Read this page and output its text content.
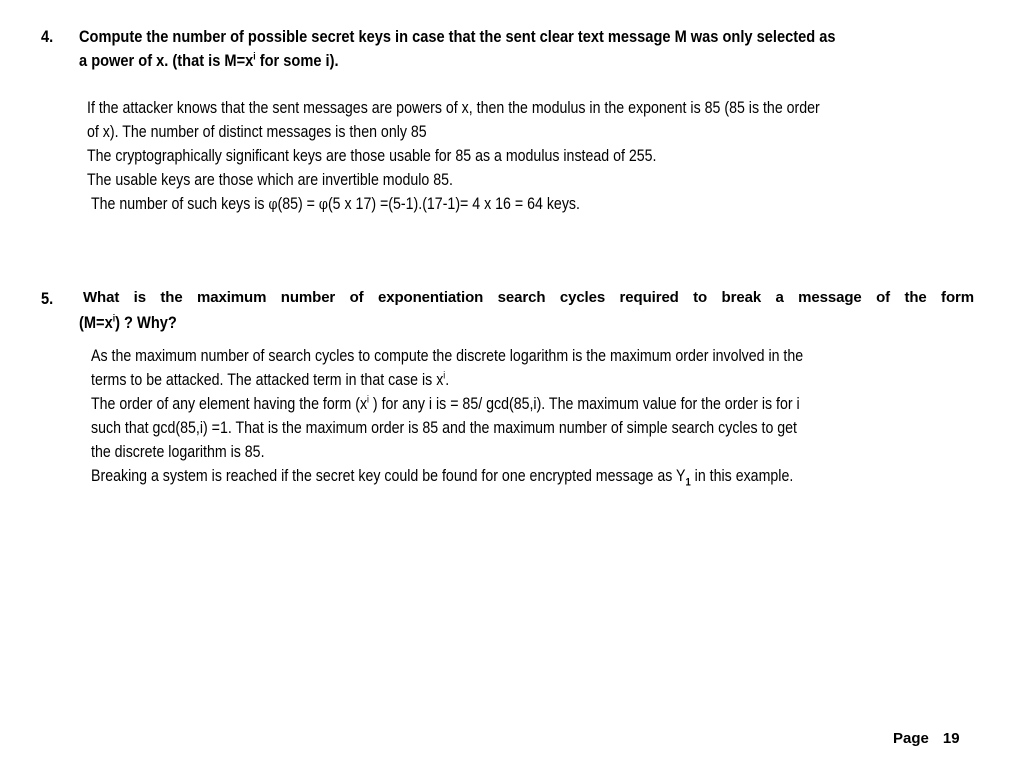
4. Compute the number of possible secret keys in case that the sent clear text message M was only selected as
a power of x. (that is $M=x^i$ for some i).
If the attacker knows that the sent messages are powers of x, then the modulus in the exponent is 85 (85 is the order
of x). The number of distinct messages is then only 85
The cryptographically significant keys are those usable for 85 as a modulus instead of 255.
The usable keys are those which are invertible modulo 85.
The number of such keys is φ(85) = φ(5 x 17) =(5-1).(17-1)= 4 x 16 = 64 keys.
5. What is the maximum number of exponentiation search cycles required to break a message of the form
$(M=x^i)$ ? Why?
As the maximum number of search cycles to compute the discrete logarithm is the maximum order involved in the
terms to be attacked. The attacked term in that case is $x^i$.
The order of any element having the form ($x^i$ ) for any i is = 85/ gcd(85,i). The maximum value for the order is for i
such that gcd(85,i) =1. That is the maximum order is 85 and the maximum number of simple search cycles to get
the discrete logarithm is 85.
Breaking a system is reached if the secret key could be found for one encrypted message as $Y_1$ in this example.
Page 19
